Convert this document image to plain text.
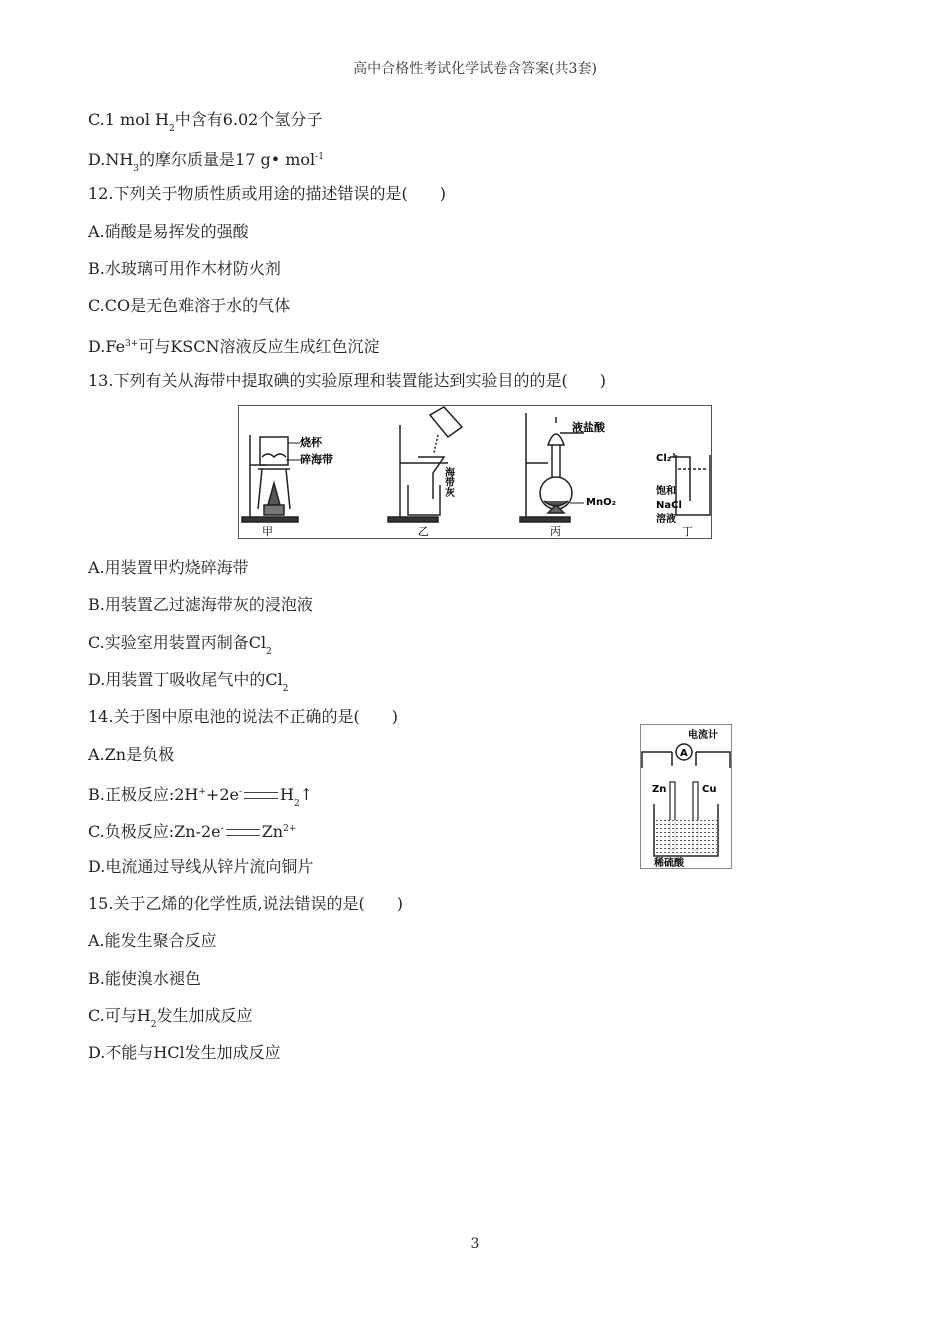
高中合格性考试化学试卷含答案(共3套)
C.1 mol $H_2$中含有6.02个氢分子
$D.NH_3$的摩尔质量是17 g• mol$^{-1}$
12.下列关于物质性质或用途的描述错误的是(　　)
A.硝酸是易挥发的强酸
B.水玻璃可用作木材防火剂
C.CO是无色难溶于水的气体
$D.Fe^{3+}$可与KSCN溶液反应生成红色沉淀
13.下列有关从海带中提取碘的实验原理和装置能达到实验目的的是(　　)
烧杯
碎海带
海带灰
液盐酸
MnO₂
Cl₂
饱和
NaCl
溶液
甲	乙	丙	丁
A.用装置甲灼烧碎海带
B.用装置乙过滤海带灰的浸泡液
C.实验室用装置丙制备$Cl_2$
D.用装置丁吸收尾气中的$Cl_2$
14.关于图中原电池的说法不正确的是(　　)
A.Zn是负极
B.正极反应:2H++2e- $H_2↑$
C.负极反应:Zn-2e- $Zn^{2+}$
D.电流通过导线从锌片流向铜片
电流计
A
Zn	Cu
稀硫酸
15.关于乙烯的化学性质,说法错误的是(　　)
A.能发生聚合反应
B.能使溴水褪色
C.可与$H_2$发生加成反应
D.不能与HCl发生加成反应
3
